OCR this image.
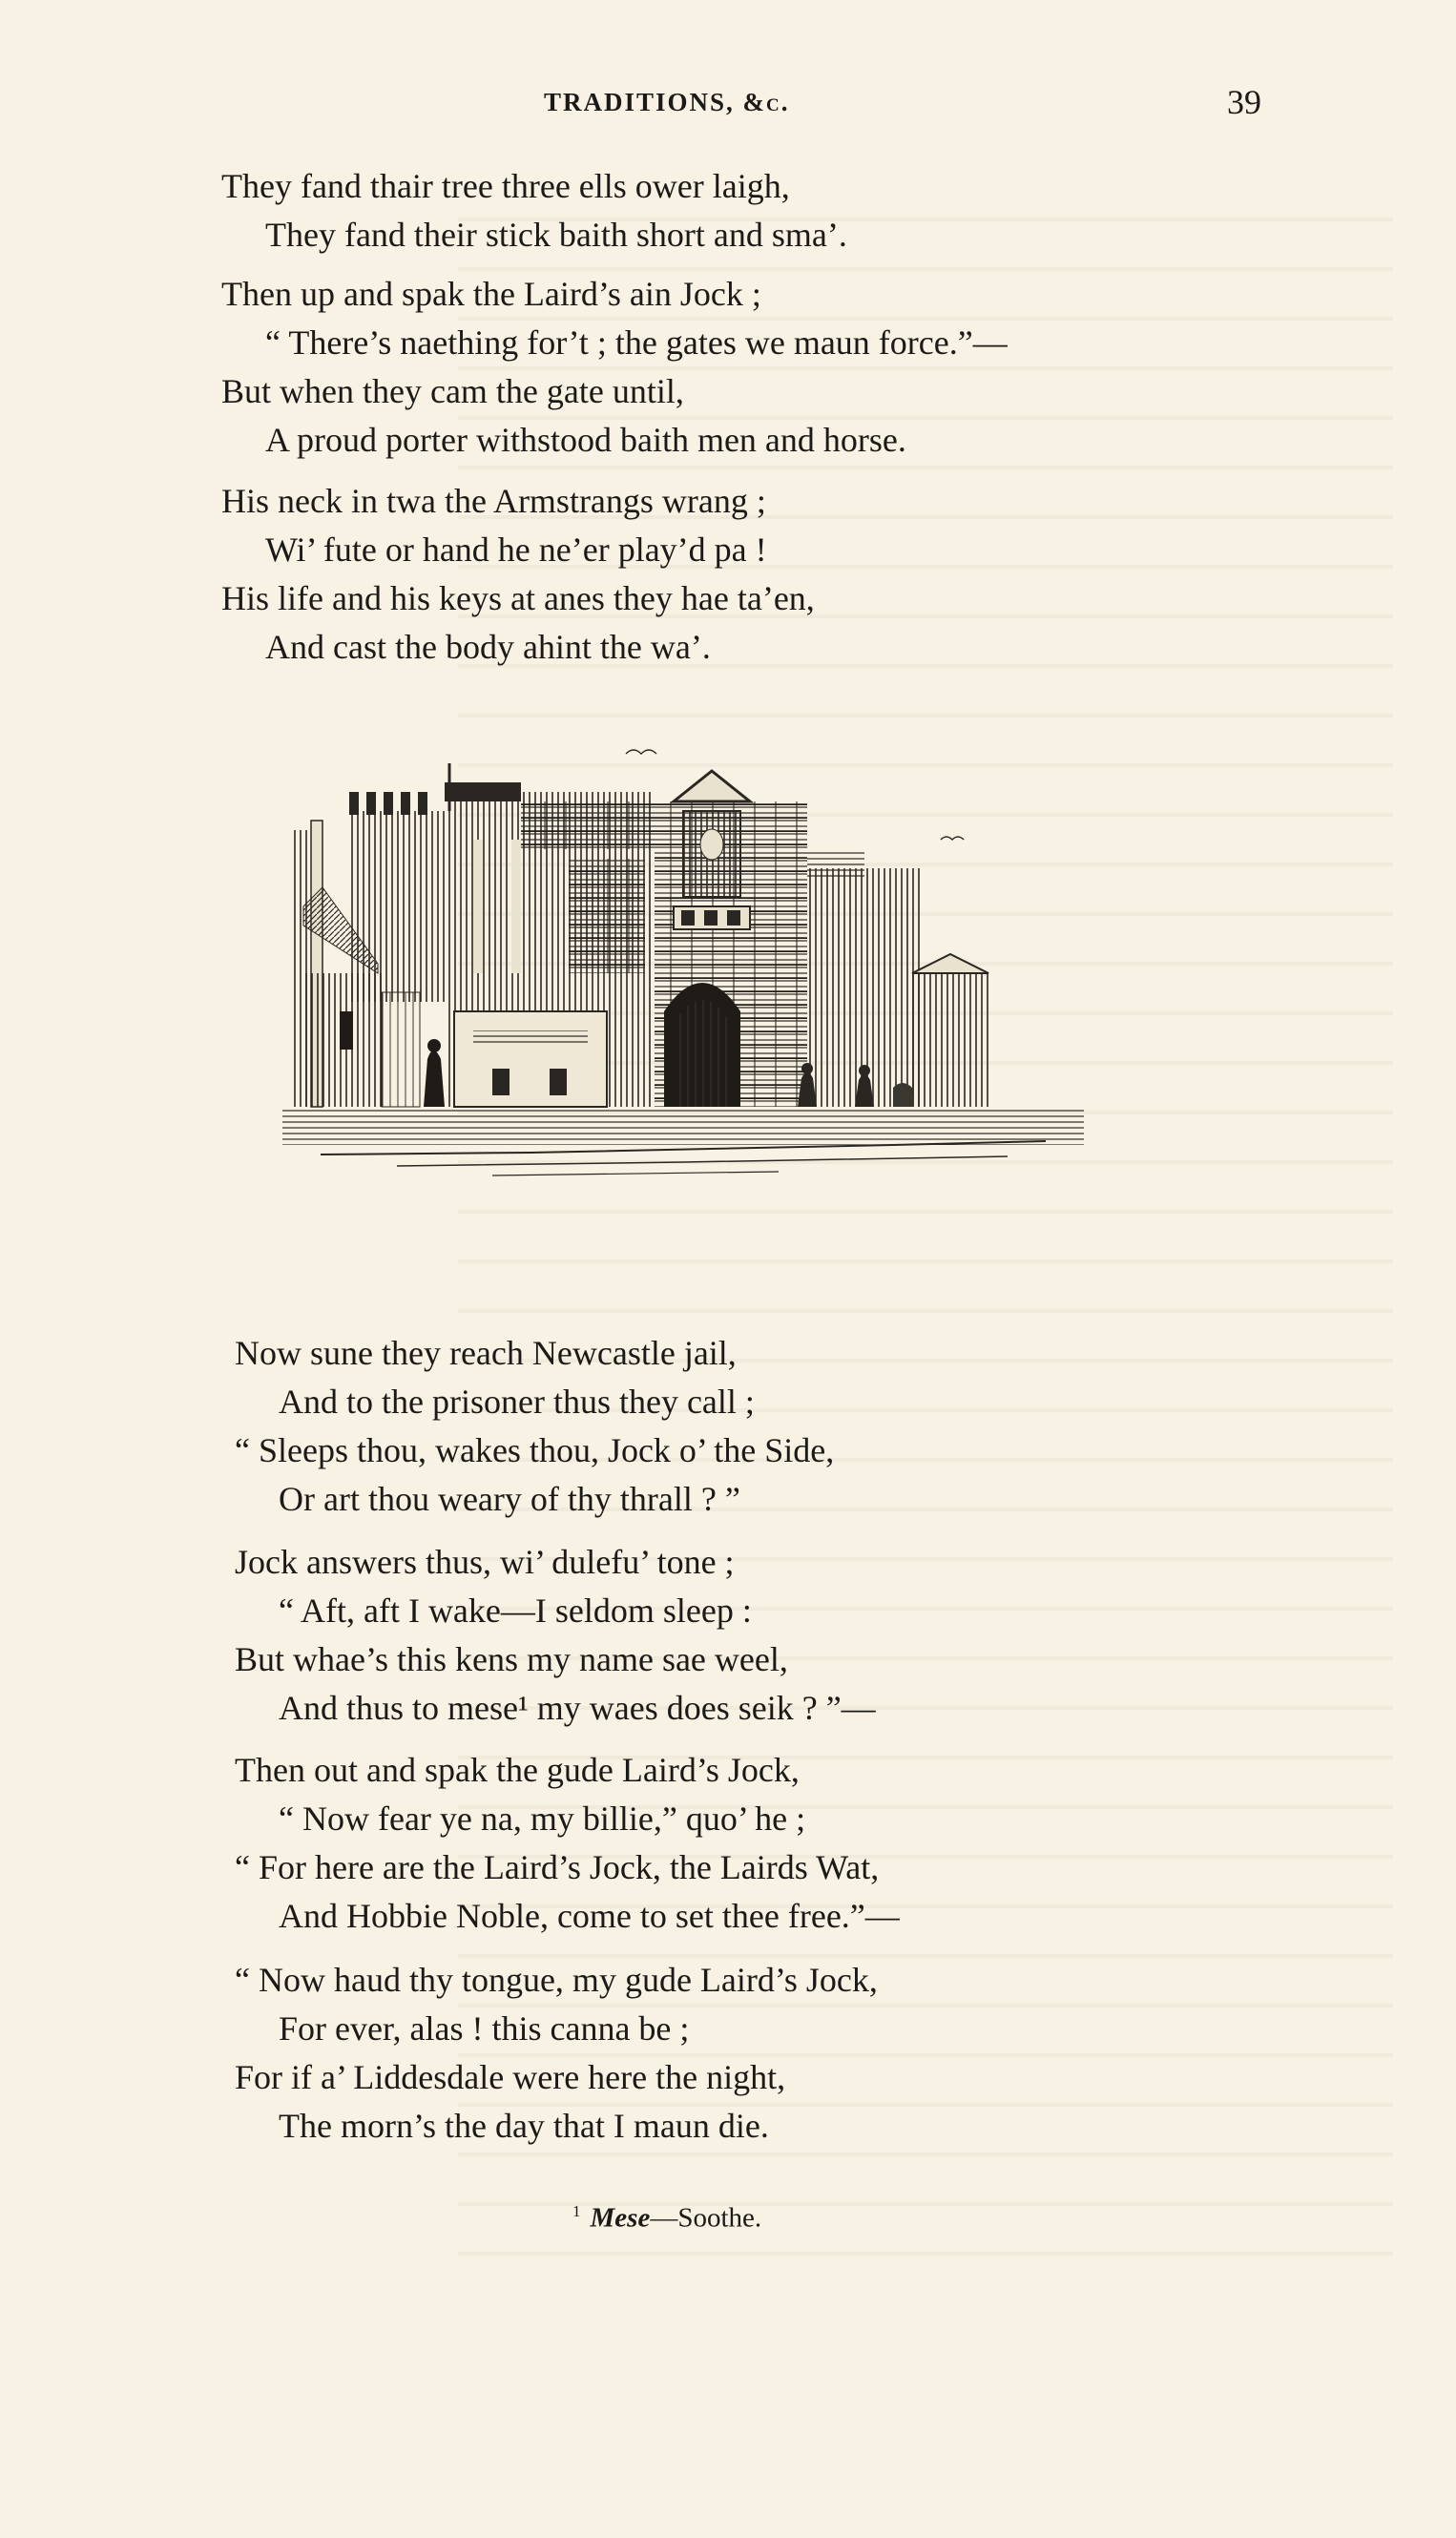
TRADITIONS, &c.	39
They fand thair tree three ells ower laigh,
They fand their stick baith short and sma’.
Then up and spak the Laird’s ain Jock ;
“ There’s naething for’t ; the gates we maun force.”—
But when they cam the gate until,
A proud porter withstood baith men and horse.
His neck in twa the Armstrangs wrang ;
Wi’ fute or hand he ne’er play’d pa !
His life and his keys at anes they hae ta’en,
And cast the body ahint the wa’.
Now sune they reach Newcastle jail,
And to the prisoner thus they call ;
“ Sleeps thou, wakes thou, Jock o’ the Side,
Or art thou weary of thy thrall ? ”
Jock answers thus, wi’ dulefu’ tone ;
“ Aft, aft I wake—I seldom sleep :
But whae’s this kens my name sae weel,
And thus to mese¹ my waes does seik ? ”—
Then out and spak the gude Laird’s Jock,
“ Now fear ye na, my billie,” quo’ he ;
“ For here are the Laird’s Jock, the Lairds Wat,
And Hobbie Noble, come to set thee free.”—
“ Now haud thy tongue, my gude Laird’s Jock,
For ever, alas ! this canna be ;
For if a’ Liddesdale were here the night,
The morn’s the day that I maun die.
$^1$ Mese—Soothe.
